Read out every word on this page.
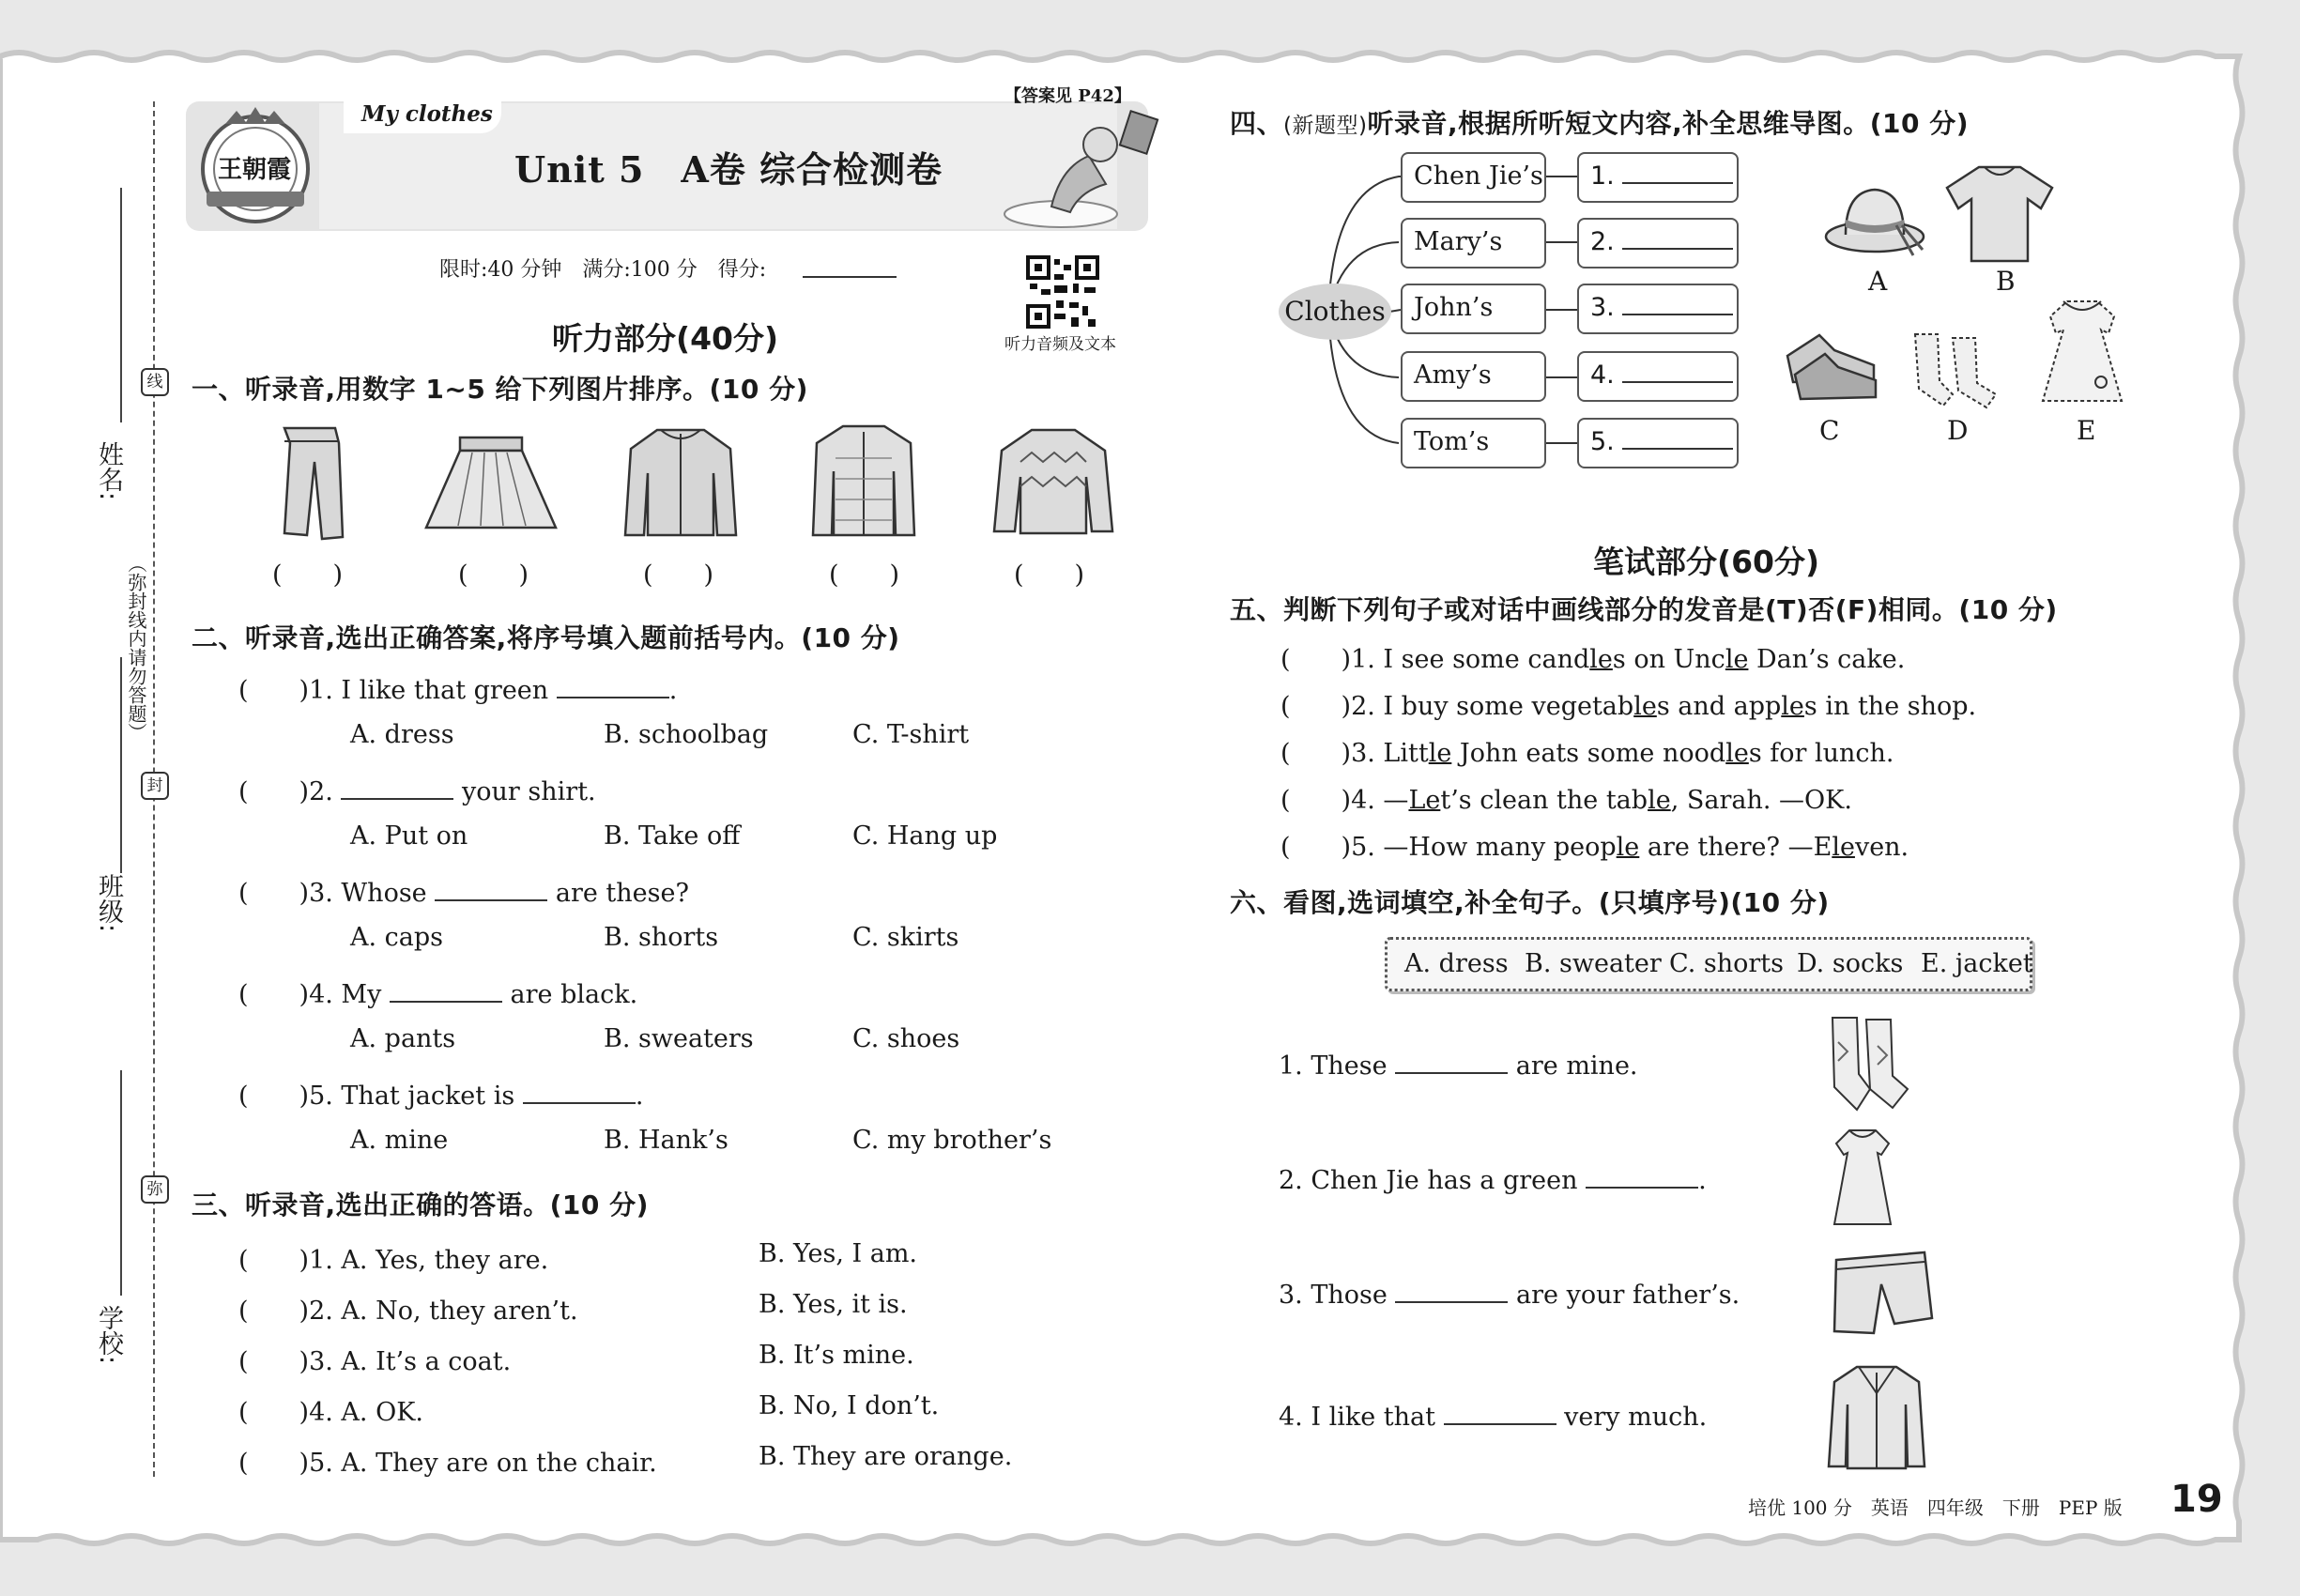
姓名:
班级:
学校:
（弥封线内请勿答题）
线
封
弥
My clothes
王朝霞
【答案见 P42】
Unit 5　A卷 综合检测卷
限时:40 分钟　满分:100 分　得分:
听力音频及文本
听力部分(40分)
一、听录音,用数字 1~5 给下列图片排序。(10 分)
(　　)	(　　)	(　　)	(　　)	(　　)
二、听录音,选出正确答案,将序号填入题前括号内。(10 分)
(　　)1. I like that green	.
A. dress	B. schoolbag	C. T-shirt
(　　)2.	your shirt.
A. Put on	B. Take off	C. Hang up
(　　)3. Whose	are these?
A. caps	B. shorts	C. skirts
(　　)4. My	are black.
A. pants	B. sweaters	C. shoes
(　　)5. That jacket is	.
A. mine	B. Hank’s	C. my brother’s
三、听录音,选出正确的答语。(10 分)
(　　)1. A. Yes, they are.	B. Yes, I am.
(　　)2. A. No, they aren’t.	B. Yes, it is.
(　　)3. A. It’s a coat.	B. It’s mine.
(　　)4. A. OK.	B. No, I don’t.
(　　)5. A. They are on the chair.	B. They are orange.
四、(新题型)听录音,根据所听短文内容,补全思维导图。(10 分)
Clothes
Chen Jie’s
Mary’s
John’s
Amy’s
Tom’s
1.
2.
3.
4.
5.
A	B
C	D	E
笔试部分(60分)
五、判断下列句子或对话中画线部分的发音是(T)否(F)相同。(10 分)
(　　)1. I see some candles on Uncle Dan’s cake.
(　　)2. I buy some vegetables and apples in the shop.
(　　)3. Little John eats some noodles for lunch.
(　　)4. —Let’s clean the table, Sarah. —OK.
(　　)5. —How many people are there? —Eleven.
六、看图,选词填空,补全句子。(只填序号)(10 分)
A. dress B. sweater C. shorts D. socks E. jacket
1. These	are mine.
2. Chen Jie has a green	.
3. Those	are your father’s.
4. I like that	very much.
培优 100 分　英语　四年级　下册　PEP 版 19
